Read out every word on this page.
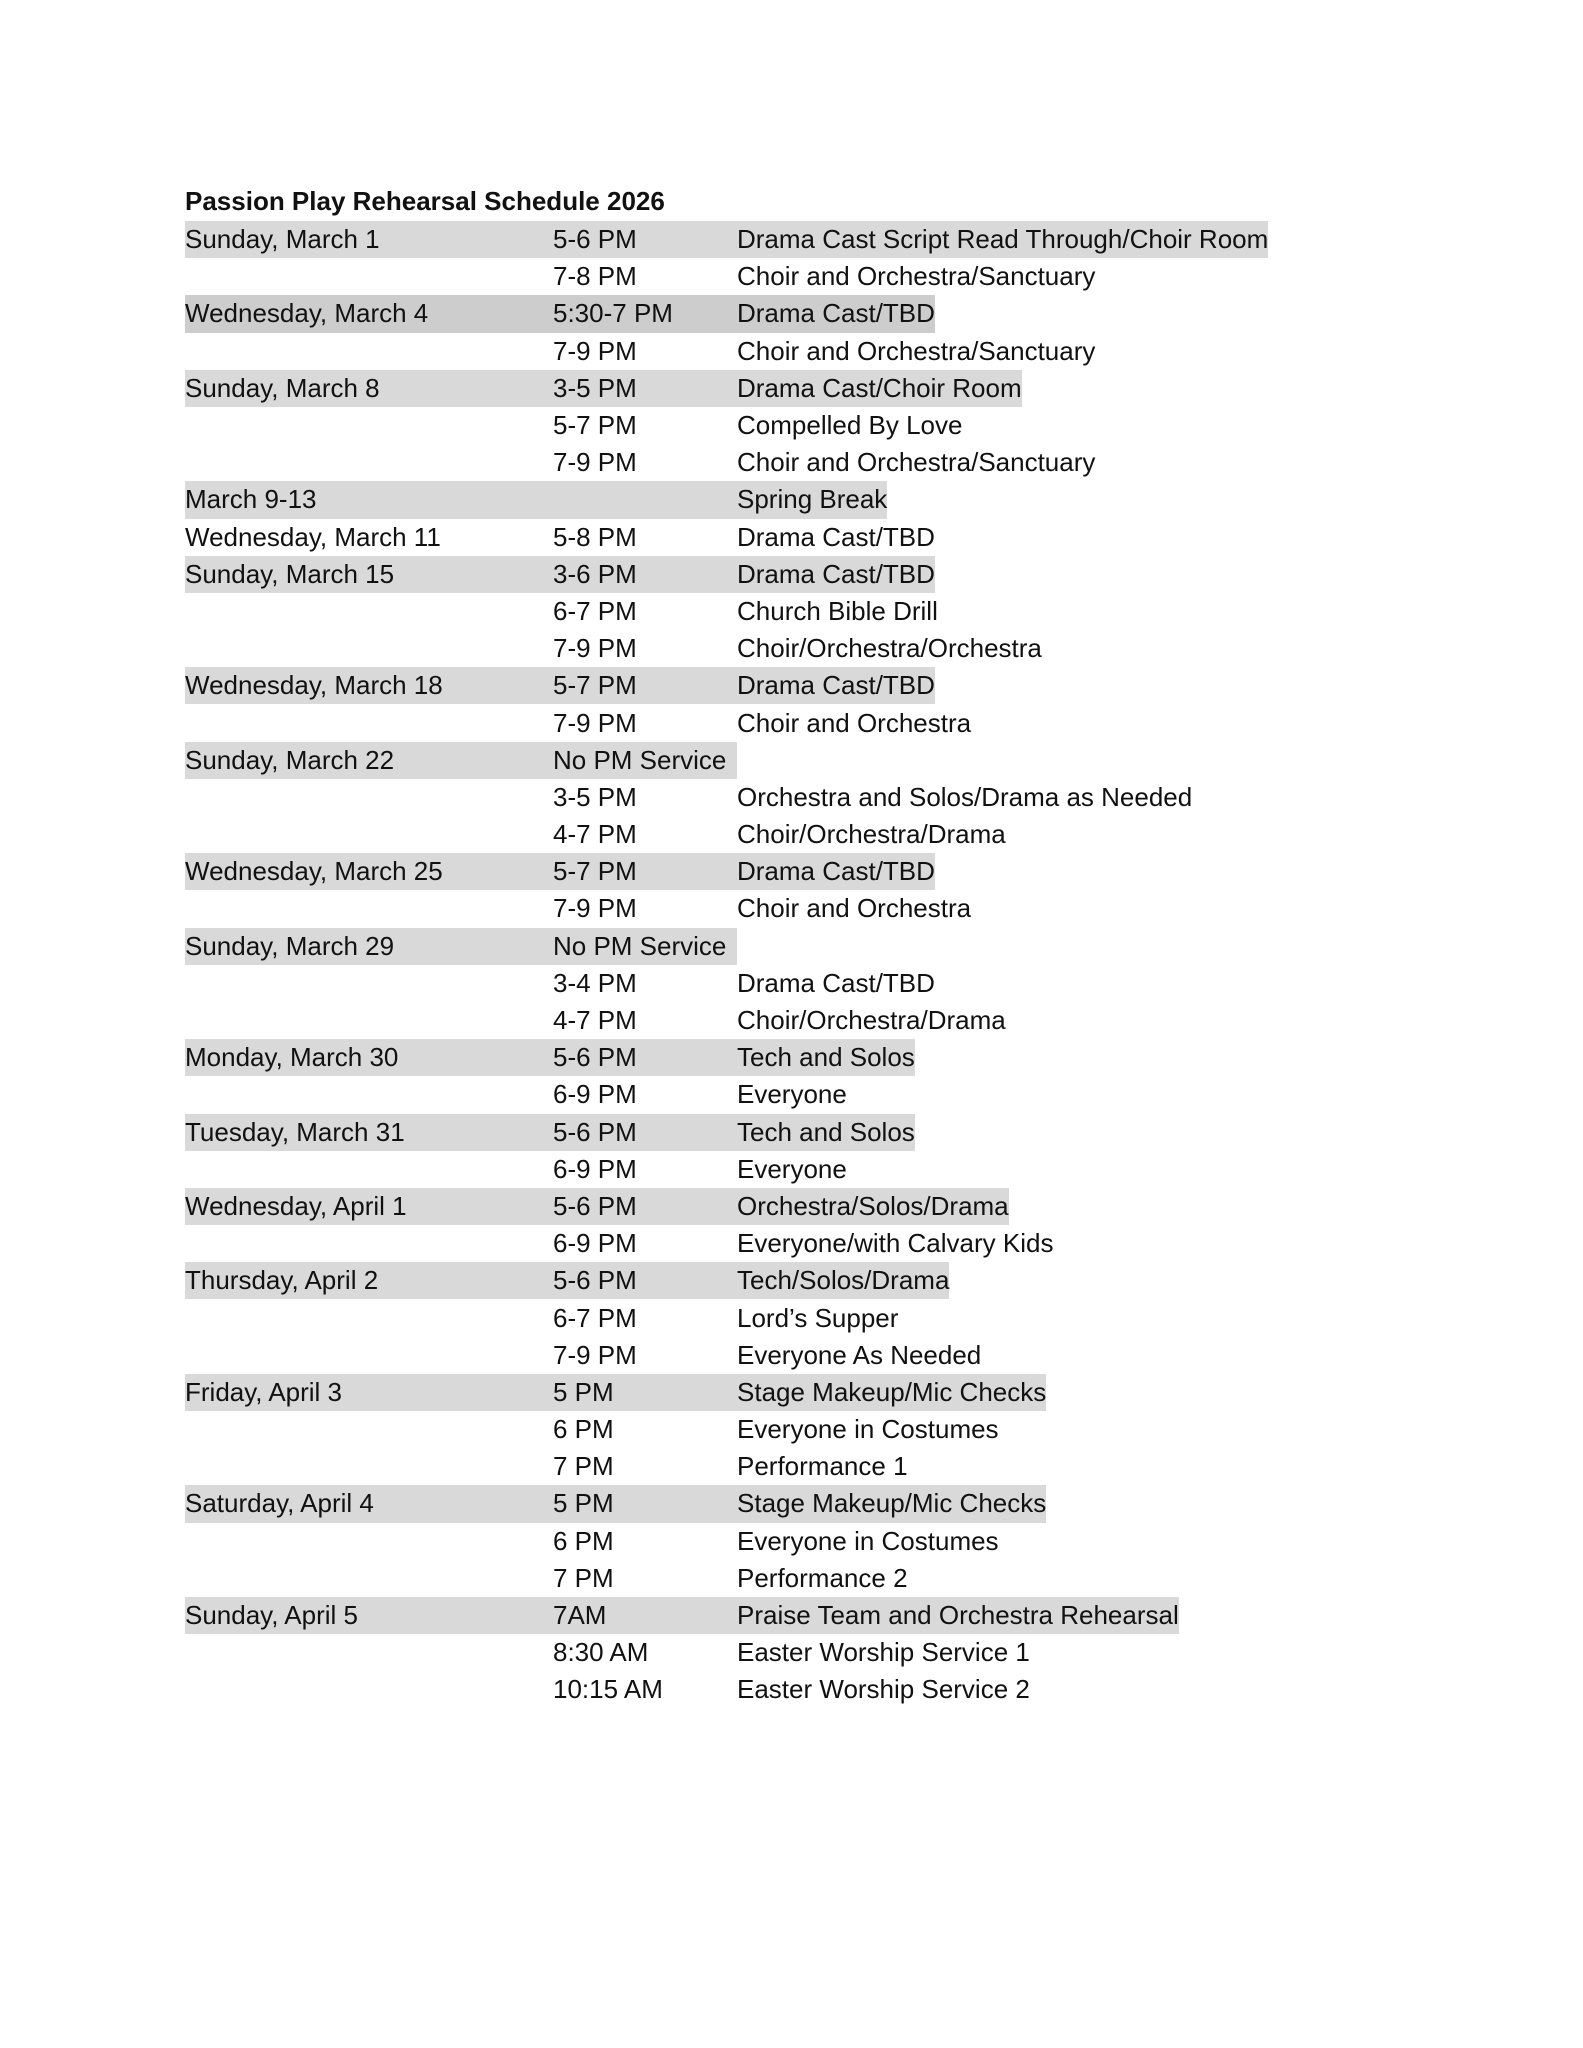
Passion Play Rehearsal Schedule 2026
Sunday, March 1	5-6 PM	Drama Cast Script Read Through/Choir Room
7-8 PM	Choir and Orchestra/Sanctuary
Wednesday, March 4	5:30-7 PM	Drama Cast/TBD
7-9 PM	Choir and Orchestra/Sanctuary
Sunday, March 8	3-5 PM	Drama Cast/Choir Room
5-7 PM	Compelled By Love
7-9 PM	Choir and Orchestra/Sanctuary
March 9-13	Spring Break
Wednesday, March 11	5-8 PM	Drama Cast/TBD
Sunday, March 15	3-6 PM	Drama Cast/TBD
6-7 PM	Church Bible Drill
7-9 PM	Choir/Orchestra/Orchestra
Wednesday, March 18	5-7 PM	Drama Cast/TBD
7-9 PM	Choir and Orchestra
Sunday, March 22	No PM Service
3-5 PM	Orchestra and Solos/Drama as Needed
4-7 PM	Choir/Orchestra/Drama
Wednesday, March 25	5-7 PM	Drama Cast/TBD
7-9 PM	Choir and Orchestra
Sunday, March 29	No PM Service
3-4 PM	Drama Cast/TBD
4-7 PM	Choir/Orchestra/Drama
Monday, March 30	5-6 PM	Tech and Solos
6-9 PM	Everyone
Tuesday, March 31	5-6 PM	Tech and Solos
6-9 PM	Everyone
Wednesday, April 1	5-6 PM	Orchestra/Solos/Drama
6-9 PM	Everyone/with Calvary Kids
Thursday, April 2	5-6 PM	Tech/Solos/Drama
6-7 PM	Lord’s Supper
7-9 PM	Everyone As Needed
Friday, April 3	5 PM	Stage Makeup/Mic Checks
6 PM	Everyone in Costumes
7 PM	Performance 1
Saturday, April 4	5 PM	Stage Makeup/Mic Checks
6 PM	Everyone in Costumes
7 PM	Performance 2
Sunday, April 5	7AM	Praise Team and Orchestra Rehearsal
8:30 AM	Easter Worship Service 1
10:15 AM	Easter Worship Service 2
